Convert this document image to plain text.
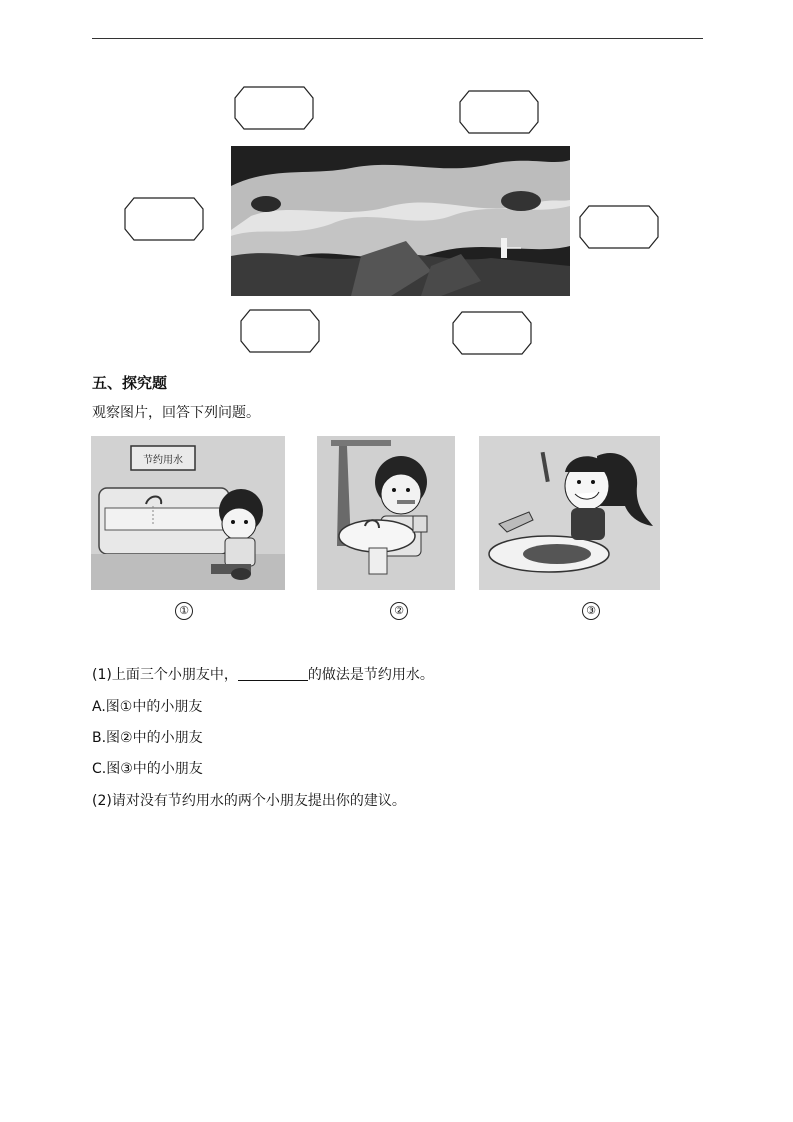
五、探究题
观察图片，回答下列问题。
节约用水
①	②	③
(1)上面三个小朋友中，	的做法是节约用水。
A.图①中的小朋友
B.图②中的小朋友
C.图③中的小朋友
(2)请对没有节约用水的两个小朋友提出你的建议。
